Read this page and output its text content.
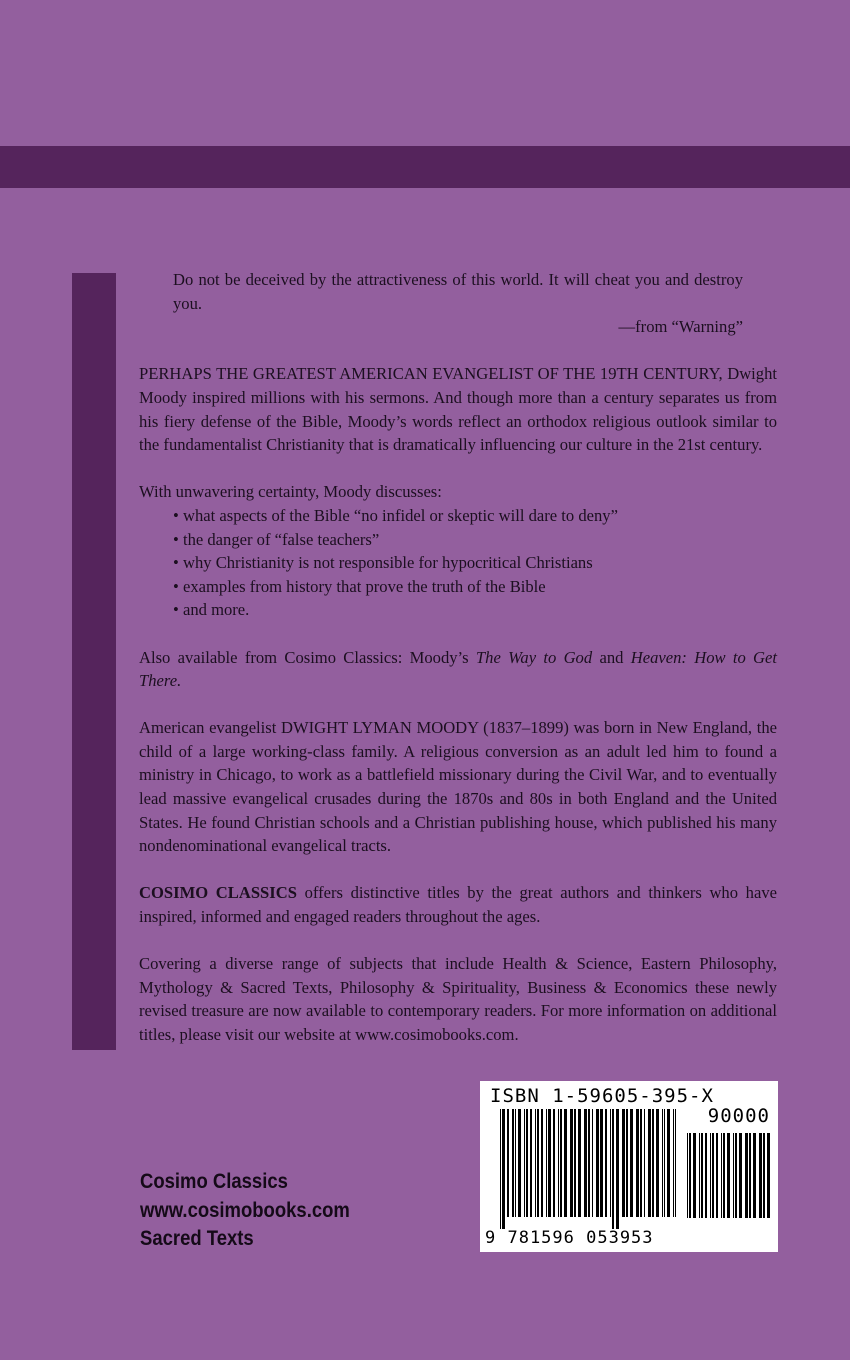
Do not be deceived by the attractiveness of this world. It will cheat you and destroy you.

—from “Warning”

PERHAPS THE GREATEST AMERICAN EVANGELIST OF THE 19TH CENTURY, Dwight Moody inspired millions with his sermons. And though more than a century separates us from his fiery defense of the Bible, Moody’s words reflect an orthodox religious outlook similar to the fundamentalist Christianity that is dramatically influencing our culture in the 21st century.

With unwavering certainty, Moody discusses:

• what aspects of the Bible “no infidel or skeptic will dare to deny”
• the danger of “false teachers”
• why Christianity is not responsible for hypocritical Christians
• examples from history that prove the truth of the Bible
• and more.

Also available from Cosimo Classics: Moody’s The Way to God and Heaven: How to Get There.

American evangelist DWIGHT LYMAN MOODY (1837–1899) was born in New England, the child of a large working-class family. A religious conversion as an adult led him to found a ministry in Chicago, to work as a battlefield missionary during the Civil War, and to eventually lead massive evangelical crusades during the 1870s and 80s in both England and the United States. He found Christian schools and a Christian publishing house, which published his many nondenominational evangelical tracts.

COSIMO CLASSICS offers distinctive titles by the great authors and thinkers who have inspired, informed and engaged readers throughout the ages.

Covering a diverse range of subjects that include Health & Science, Eastern Philosophy, Mythology & Sacred Texts, Philosophy & Spirituality, Business & Economics these newly revised treasure are now available to contemporary readers. For more information on additional titles, please visit our website at www.cosimobooks.com.

Cosimo Classics
www.cosimobooks.com
Sacred Texts
ISBN 1-59605-395-X
90000
9 781596 053953
